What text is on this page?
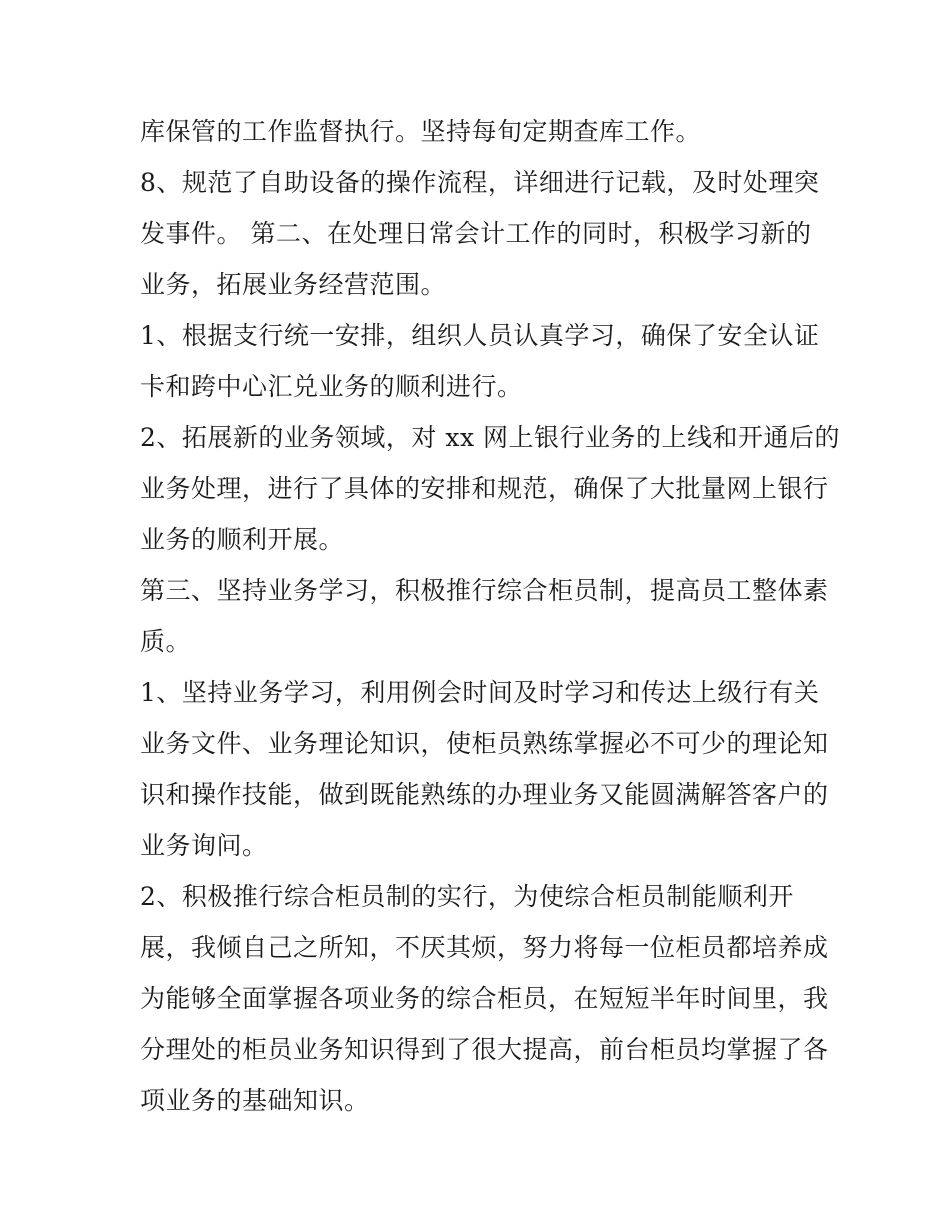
库保管的工作监督执行。坚持每旬定期查库工作。
8、规范了自助设备的操作流程，详细进行记载，及时处理突
发事件。 第二、在处理日常会计工作的同时，积极学习新的
业务，拓展业务经营范围。
1、根据支行统一安排，组织人员认真学习，确保了安全认证
卡和跨中心汇兑业务的顺利进行。
2、拓展新的业务领域，对 xx 网上银行业务的上线和开通后的
业务处理，进行了具体的安排和规范，确保了大批量网上银行
业务的顺利开展。
第三、坚持业务学习，积极推行综合柜员制，提高员工整体素
质。
1、坚持业务学习，利用例会时间及时学习和传达上级行有关
业务文件、业务理论知识，使柜员熟练掌握必不可少的理论知
识和操作技能，做到既能熟练的办理业务又能圆满解答客户的
业务询问。
2、积极推行综合柜员制的实行，为使综合柜员制能顺利开
展，我倾自己之所知，不厌其烦，努力将每一位柜员都培养成
为能够全面掌握各项业务的综合柜员，在短短半年时间里，我
分理处的柜员业务知识得到了很大提高，前台柜员均掌握了各
项业务的基础知识。
